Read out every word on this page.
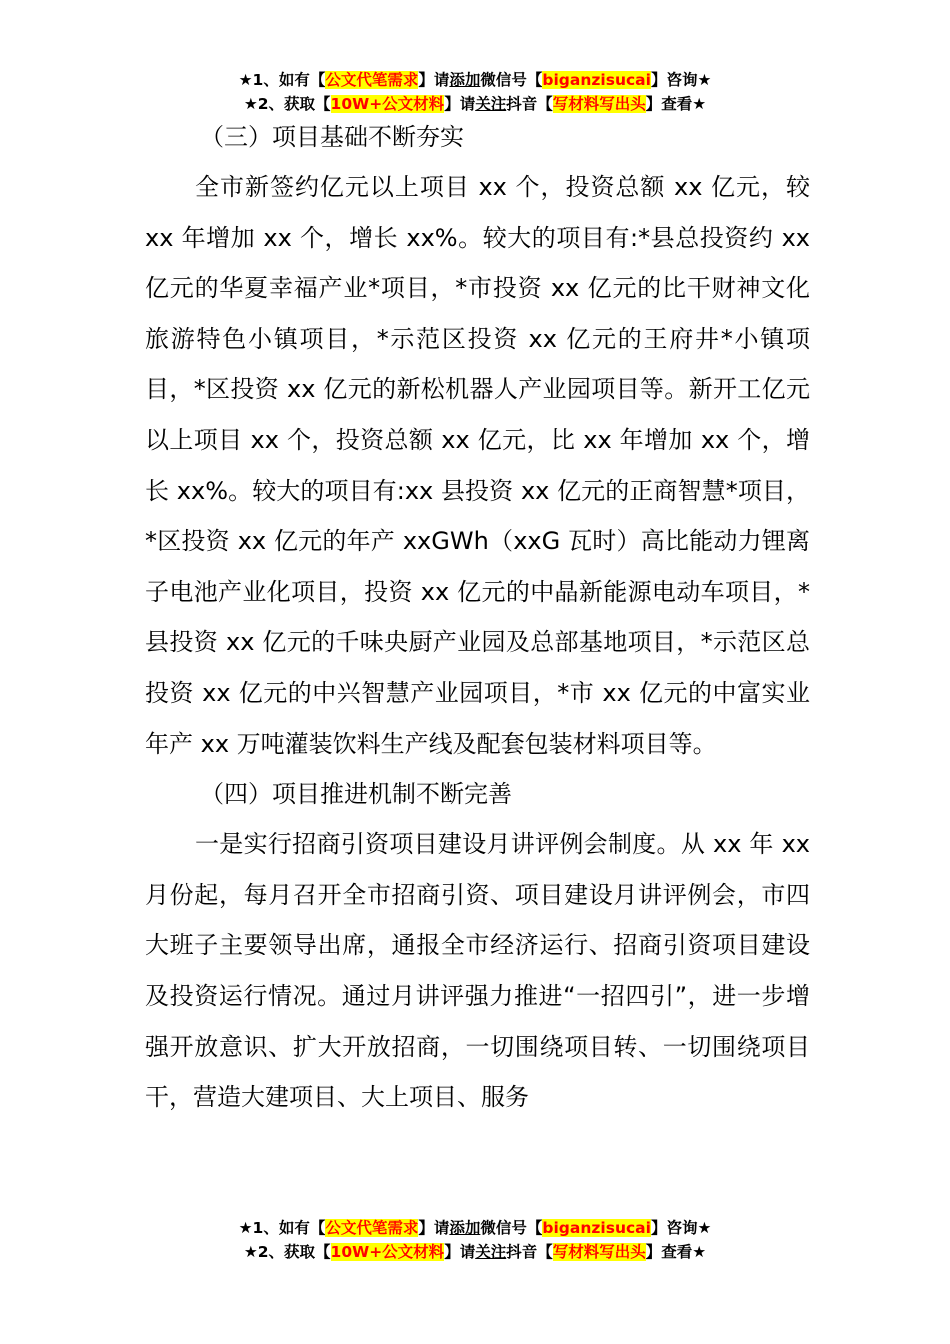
★1、如有【公文代笔需求】请添加微信号【biganzisucai】咨询★
★2、获取【10W+公文材料】请关注抖音【写材料写出头】查看★

（三）项目基础不断夯实

全市新签约亿元以上项目 xx 个，投资总额 xx 亿元，较 xx 年增加 xx 个，增长 xx%。较大的项目有:*县总投资约 xx 亿元的华夏幸福产业*项目，*市投资 xx 亿元的比干财神文化旅游特色小镇项目，*示范区投资 xx 亿元的王府井*小镇项目，*区投资 xx 亿元的新松机器人产业园项目等。新开工亿元以上项目 xx 个，投资总额 xx 亿元，比 xx 年增加 xx 个，增长 xx%。较大的项目有:xx 县投资 xx 亿元的正商智慧*项目，*区投资 xx 亿元的年产 xxGWh（xxG 瓦时）高比能动力锂离子电池产业化项目，投资 xx 亿元的中晶新能源电动车项目，*县投资 xx 亿元的千味央厨产业园及总部基地项目，*示范区总投资 xx 亿元的中兴智慧产业园项目，*市 xx 亿元的中富实业年产 xx 万吨灌装饮料生产线及配套包装材料项目等。

（四）项目推进机制不断完善

一是实行招商引资项目建设月讲评例会制度。从 xx 年 xx 月份起，每月召开全市招商引资、项目建设月讲评例会，市四大班子主要领导出席，通报全市经济运行、招商引资项目建设及投资运行情况。通过月讲评强力推进“一招四引”，进一步增强开放意识、扩大开放招商，一切围绕项目转、一切围绕项目干，营造大建项目、大上项目、服务

★1、如有【公文代笔需求】请添加微信号【biganzisucai】咨询★
★2、获取【10W+公文材料】请关注抖音【写材料写出头】查看★
